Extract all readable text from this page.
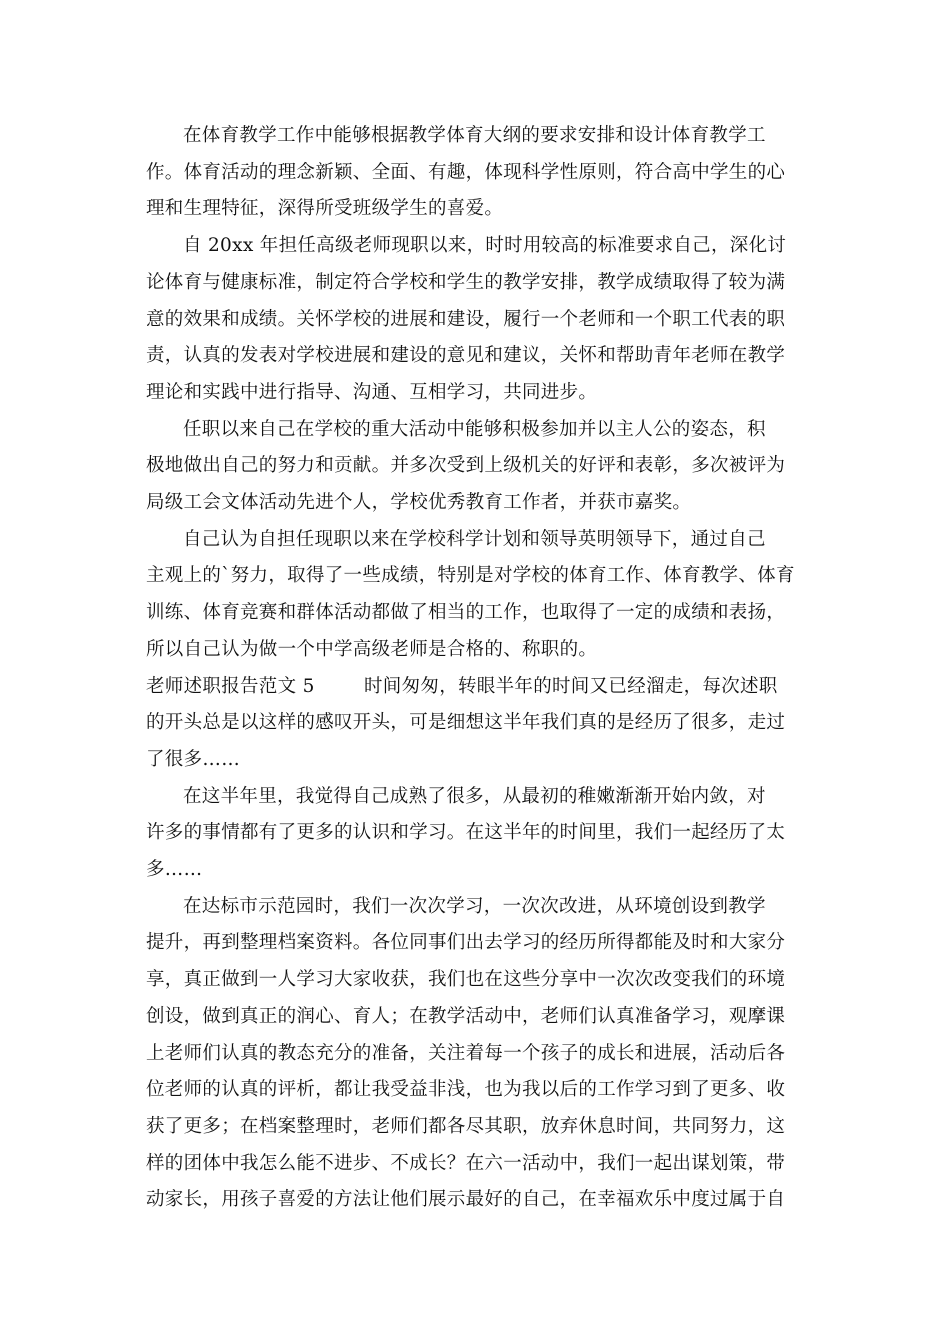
在体育教学工作中能够根据教学体育大纲的要求安排和设计体育教学工
作。体育活动的理念新颖、全面、有趣，体现科学性原则，符合高中学生的心
理和生理特征，深得所受班级学生的喜爱。

自 20xx 年担任高级老师现职以来，时时用较高的标准要求自己，深化讨
论体育与健康标准，制定符合学校和学生的教学安排，教学成绩取得了较为满
意的效果和成绩。关怀学校的进展和建设，履行一个老师和一个职工代表的职
责，认真的发表对学校进展和建设的意见和建议，关怀和帮助青年老师在教学
理论和实践中进行指导、沟通、互相学习，共同进步。

任职以来自己在学校的重大活动中能够积极参加并以主人公的姿态，积
极地做出自己的努力和贡献。并多次受到上级机关的好评和表彰，多次被评为
局级工会文体活动先进个人，学校优秀教育工作者，并获市嘉奖。

自己认为自担任现职以来在学校科学计划和领导英明领导下，通过自己
主观上的`努力，取得了一些成绩，特别是对学校的体育工作、体育教学、体育
训练、体育竞赛和群体活动都做了相当的工作，也取得了一定的成绩和表扬，
所以自己认为做一个中学高级老师是合格的、称职的。

老师述职报告范文 5	时间匆匆，转眼半年的时间又已经溜走，每次述职
的开头总是以这样的感叹开头，可是细想这半年我们真的是经历了很多，走过
了很多……

在这半年里，我觉得自己成熟了很多，从最初的稚嫩渐渐开始内敛，对
许多的事情都有了更多的认识和学习。在这半年的时间里，我们一起经历了太
多……

在达标市示范园时，我们一次次学习，一次次改进，从环境创设到教学
提升，再到整理档案资料。各位同事们出去学习的经历所得都能及时和大家分
享，真正做到一人学习大家收获，我们也在这些分享中一次次改变我们的环境
创设，做到真正的润心、育人；在教学活动中，老师们认真准备学习，观摩课
上老师们认真的教态充分的准备，关注着每一个孩子的成长和进展，活动后各
位老师的认真的评析，都让我受益非浅，也为我以后的工作学习到了更多、收
获了更多；在档案整理时，老师们都各尽其职，放弃休息时间，共同努力，这
样的团体中我怎么能不进步、不成长？在六一活动中，我们一起出谋划策，带
动家长，用孩子喜爱的方法让他们展示最好的自己，在幸福欢乐中度过属于自
